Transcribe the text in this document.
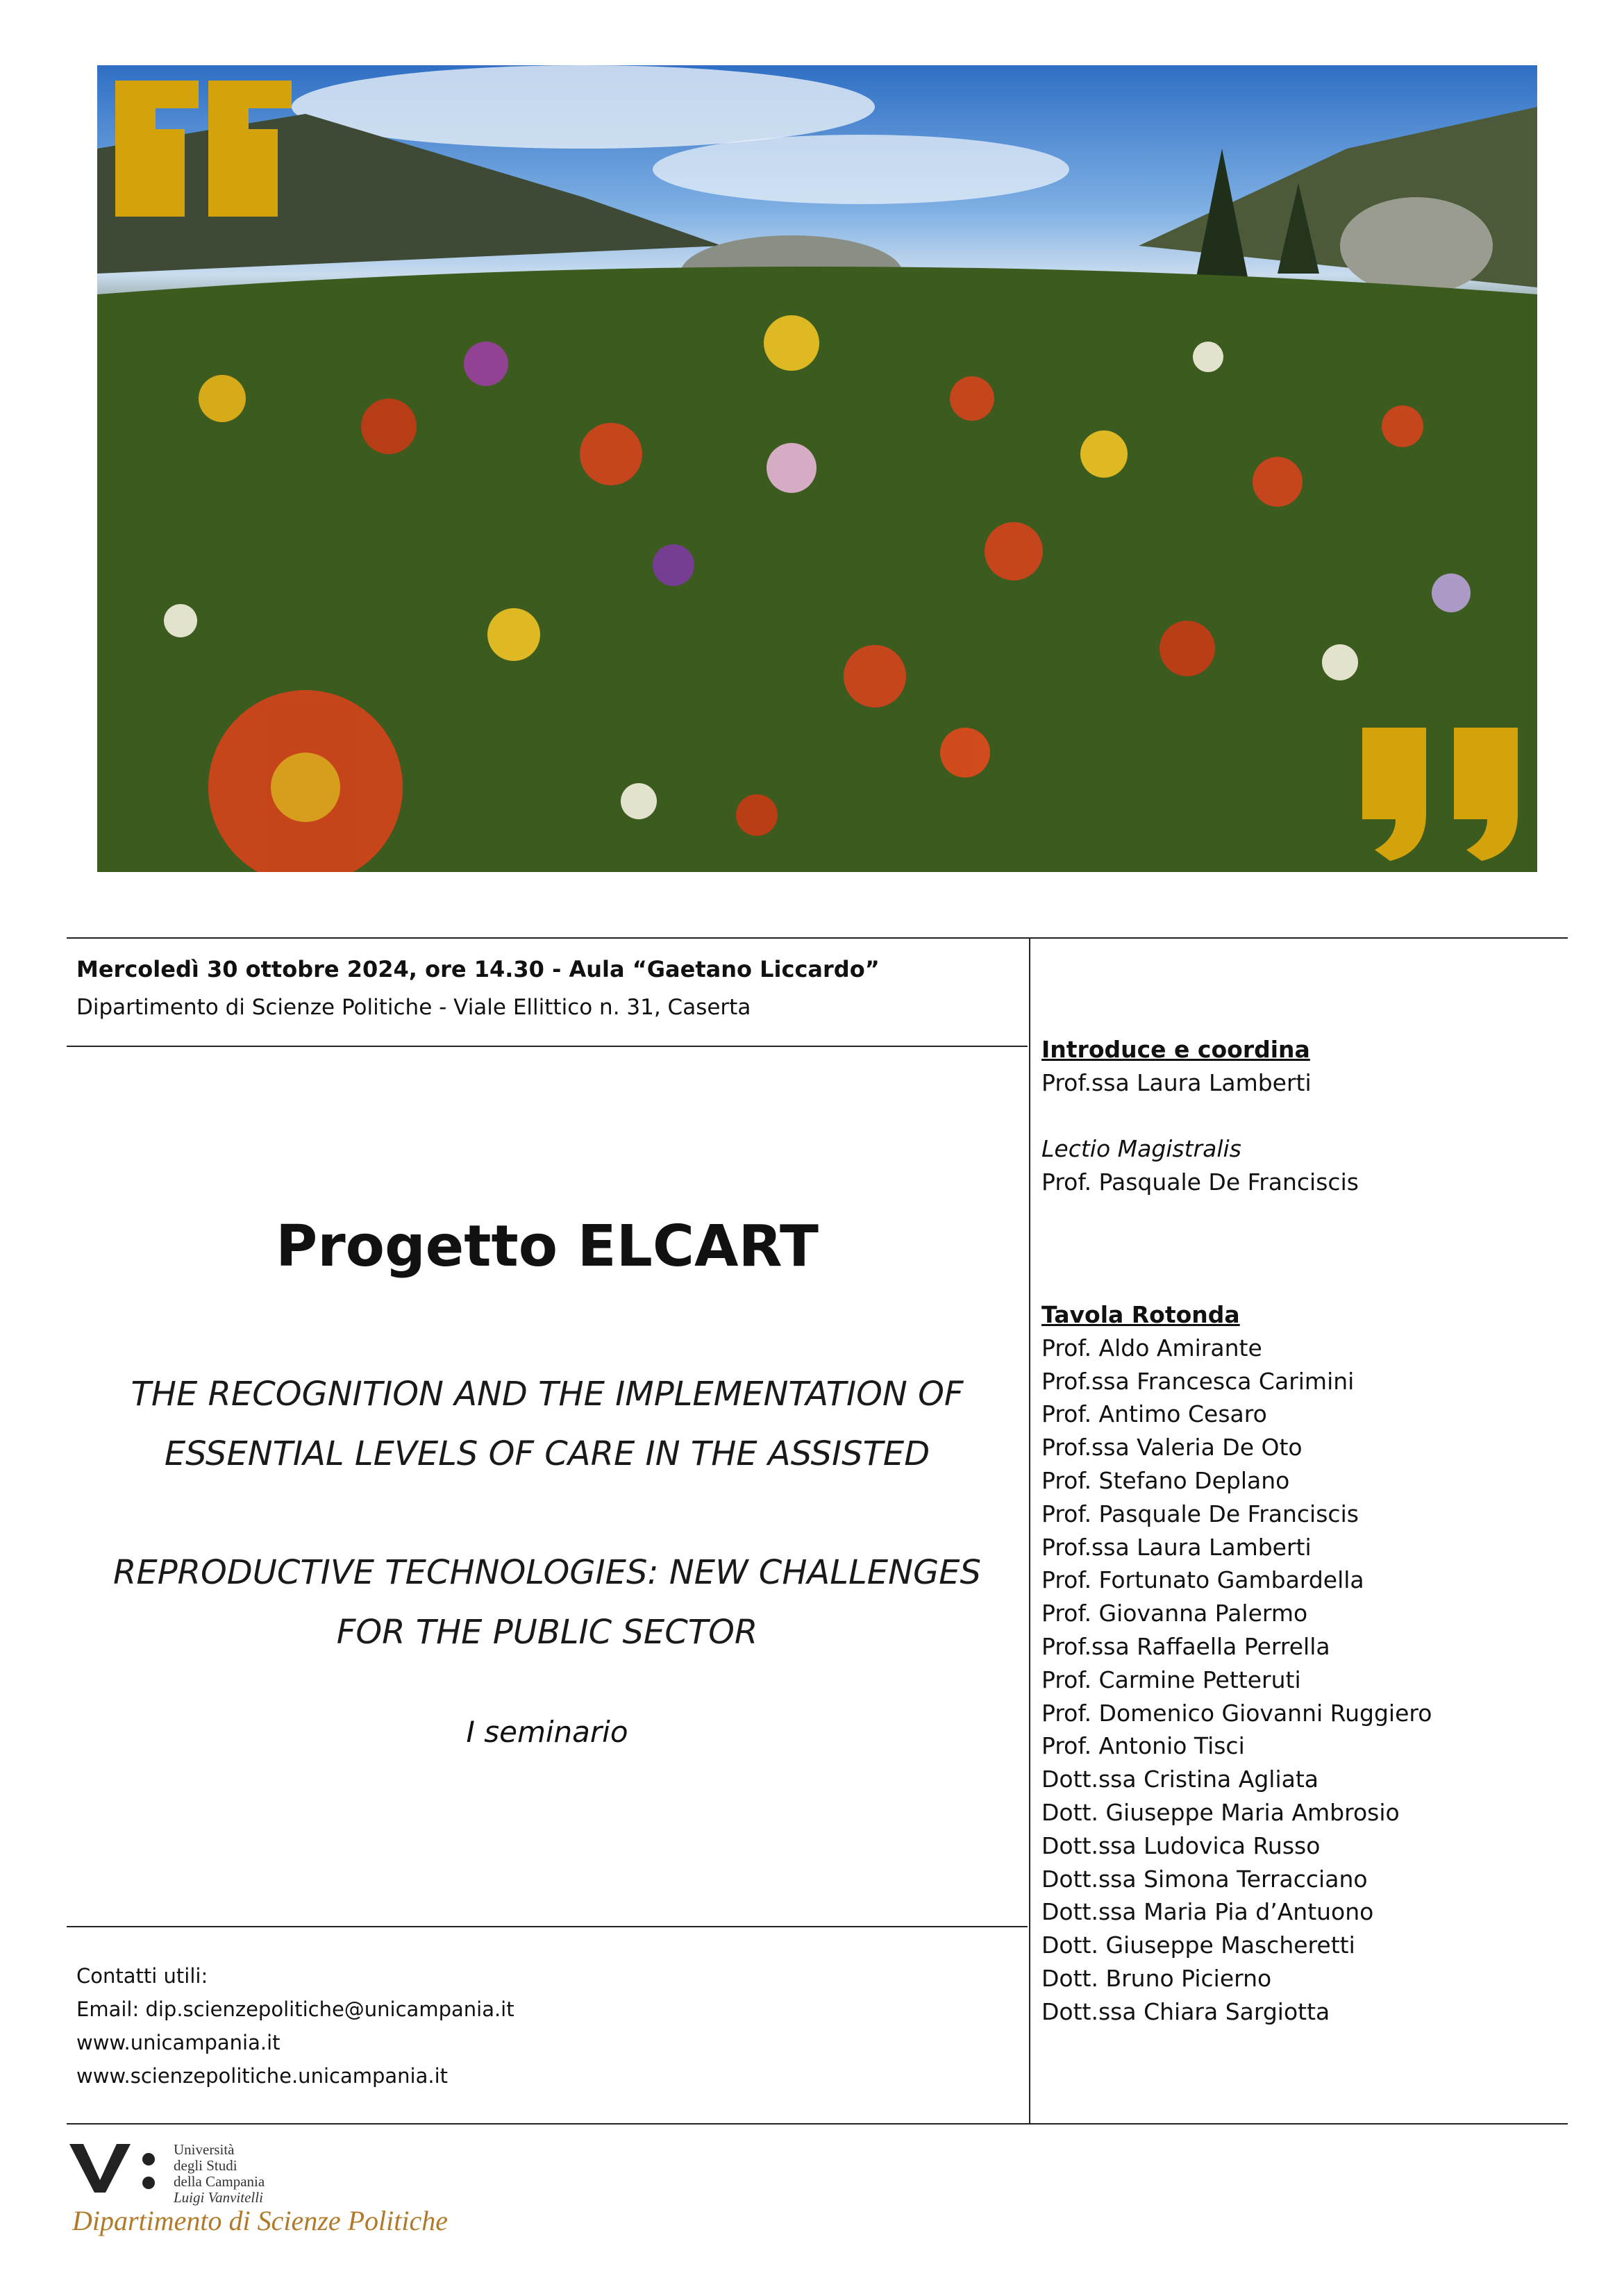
Mercoledì 30 ottobre 2024, ore 14.30 - Aula “Gaetano Liccardo”
Dipartimento di Scienze Politiche - Viale Ellittico n. 31, Caserta
Progetto ELCART
THE RECOGNITION AND THE IMPLEMENTATION OF
ESSENTIAL LEVELS OF CARE IN THE ASSISTED
REPRODUCTIVE TECHNOLOGIES: NEW CHALLENGES
FOR THE PUBLIC SECTOR
I seminario
Contatti utili:
Email: dip.scienzepolitiche@unicampania.it
www.unicampania.it
www.scienzepolitiche.unicampania.it
Introduce e coordina
Prof.ssa Laura Lamberti
Lectio Magistralis
Prof. Pasquale De Franciscis
Tavola Rotonda
Prof. Aldo Amirante
Prof.ssa Francesca Carimini
Prof. Antimo Cesaro
Prof.ssa Valeria De Oto
Prof. Stefano Deplano
Prof. Pasquale De Franciscis
Prof.ssa Laura Lamberti
Prof. Fortunato Gambardella
Prof. Giovanna Palermo
Prof.ssa Raffaella Perrella
Prof. Carmine Petteruti
Prof. Domenico Giovanni Ruggiero
Prof. Antonio Tisci
Dott.ssa Cristina Agliata
Dott. Giuseppe Maria Ambrosio
Dott.ssa Ludovica Russo
Dott.ssa Simona Terracciano
Dott.ssa Maria Pia d’Antuono
Dott. Giuseppe Mascheretti
Dott. Bruno Picierno
Dott.ssa Chiara Sargiotta
Università
degli Studi
della Campania
Luigi Vanvitelli
Dipartimento di Scienze Politiche
